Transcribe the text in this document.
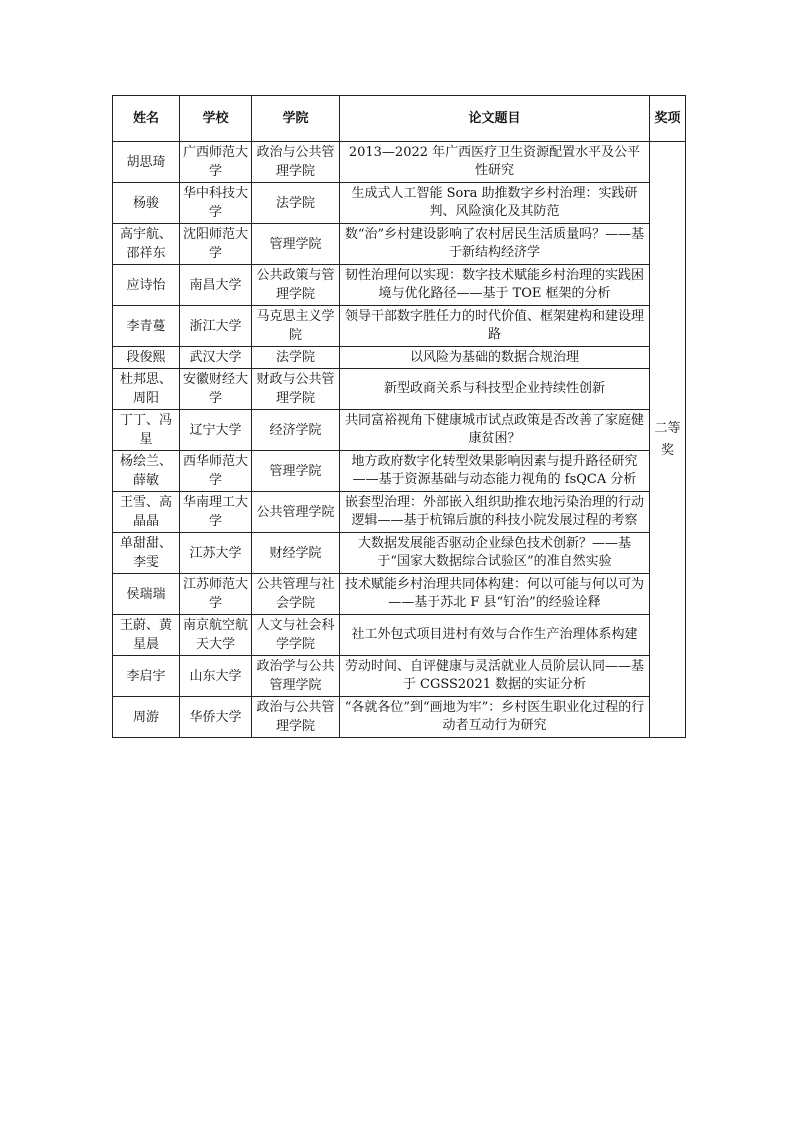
姓名	学校	学院	论文题目	奖项
胡思琦	广西师范大学	政治与公共管理学院	2013—2022 年广西医疗卫生资源配置水平及公平性研究	二等奖
杨骏	华中科技大学	法学院	生成式人工智能 Sora 助推数字乡村治理：实践研判、风险演化及其防范	
高宇航、邵祥东	沈阳师范大学	管理学院	数“治”乡村建设影响了农村居民生活质量吗？——基于新结构经济学	
应诗怡	南昌大学	公共政策与管理学院	韧性治理何以实现：数字技术赋能乡村治理的实践困境与优化路径——基于 TOE 框架的分析	
李青蔓	浙江大学	马克思主义学院	领导干部数字胜任力的时代价值、框架建构和建设理路	
段俊熙	武汉大学	法学院	以风险为基础的数据合规治理	
杜邦思、周阳	安徽财经大学	财政与公共管理学院	新型政商关系与科技型企业持续性创新	
丁丁、冯星	辽宁大学	经济学院	共同富裕视角下健康城市试点政策是否改善了家庭健康贫困？	
杨绘兰、薛敏	西华师范大学	管理学院	地方政府数字化转型效果影响因素与提升路径研究——基于资源基础与动态能力视角的 fsQCA 分析	
王雪、高晶晶	华南理工大学	公共管理学院	嵌套型治理：外部嵌入组织助推农地污染治理的行动逻辑——基于杭锦后旗的科技小院发展过程的考察	
单甜甜、李雯	江苏大学	财经学院	大数据发展能否驱动企业绿色技术创新？——基于“国家大数据综合试验区”的准自然实验	
侯瑞瑞	江苏师范大学	公共管理与社会学院	技术赋能乡村治理共同体构建：何以可能与何以可为——基于苏北 F 县“钉治”的经验诠释	
王蔚、黄星晨	南京航空航天大学	人文与社会科学学院	社工外包式项目进村有效与合作生产治理体系构建	
李启宇	山东大学	政治学与公共管理学院	劳动时间、自评健康与灵活就业人员阶层认同——基于 CGSS2021 数据的实证分析	
周游	华侨大学	政治与公共管理学院	“各就各位”到“画地为牢”：乡村医生职业化过程的行动者互动行为研究	
